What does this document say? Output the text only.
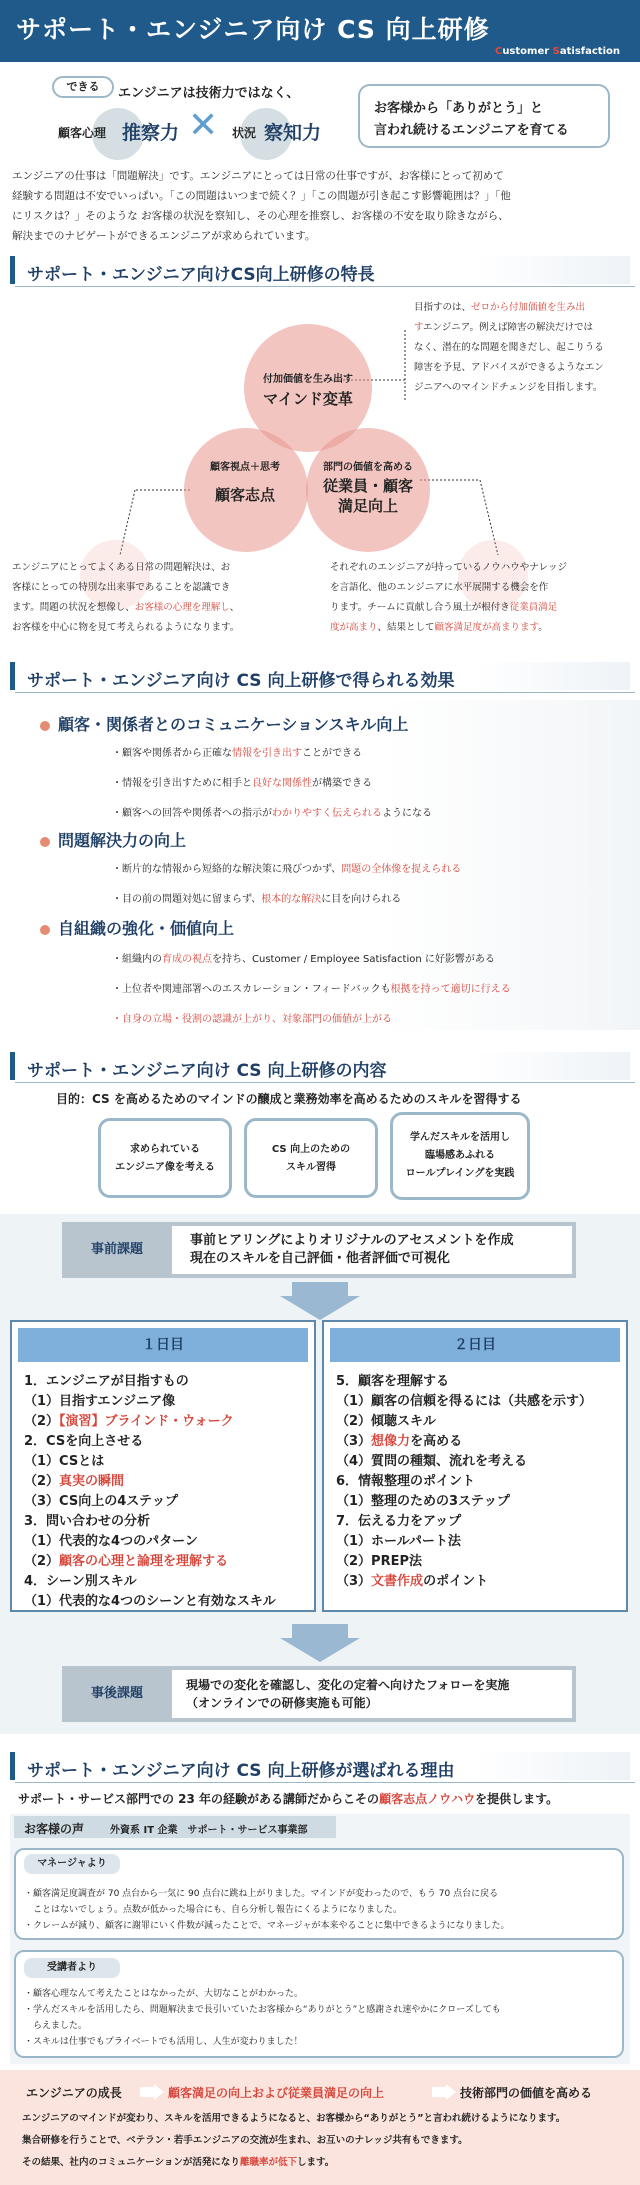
サポート・エンジニア向け CS 向上研修
Customer Satisfaction
できる	エンジニアは技術力ではなく、
顧客心理 推察力 ✕ 状況 察知力
お客様から「ありがとう」と
言われ続けるエンジニアを育てる
エンジニアの仕事は「問題解決」です。エンジニアにとっては日常の仕事ですが、お客様にとって初めて
経験する問題は不安でいっぱい。「この問題はいつまで続く？」「この問題が引き起こす影響範囲は？」「他
にリスクは？」そのような お客様の状況を察知し、その心理を推察し、お客様の不安を取り除きながら、
解決までのナビゲートができるエンジニアが求められています。
サポート・エンジニア向けCS向上研修の特長
付加価値を生み出す
マインド変革
顧客視点＋思考
顧客志点
部門の価値を高める
従業員・顧客
満足向上
目指すのは、ゼロから付加価値を生み出
すエンジニア。例えば障害の解決だけでは
なく、潜在的な問題を聞きだし、起こりうる
障害を予見、アドバイスができるようなエン
ジニアへのマインドチェンジを目指します。
エンジニアにとってよくある日常の問題解決は、お
客様にとっての特別な出来事であることを認識でき
ます。問題の状況を想像し、お客様の心理を理解し、
お客様を中心に物を見て考えられるようになります。
それぞれのエンジニアが持っているノウハウやナレッジ
を言語化、他のエンジニアに水平展開する機会を作
ります。チームに貢献し合う風土が根付き従業員満足
度が高まり、結果として顧客満足度が高まります。
サポート・エンジニア向け CS 向上研修で得られる効果
顧客・関係者とのコミュニケーションスキル向上
・顧客や関係者から正確な情報を引き出すことができる
・情報を引き出すために相手と良好な関係性が構築できる
・顧客への回答や関係者への指示がわかりやすく伝えられるようになる
問題解決力の向上
・断片的な情報から短絡的な解決策に飛びつかず、問題の全体像を捉えられる
・目の前の問題対処に留まらず、根本的な解決に目を向けられる
自組織の強化・価値向上
・組織内の育成の視点を持ち、Customer / Employee Satisfaction に好影響がある
・上位者や関連部署へのエスカレーション・フィードバックも根拠を持って適切に行える
・自身の立場・役割の認識が上がり、対象部門の価値が上がる
サポート・エンジニア向け CS 向上研修の内容
目的：CS を高めるためのマインドの醸成と業務効率を高めるためのスキルを習得する
求められている
エンジニア像を考える
CS 向上のための
スキル習得
学んだスキルを活用し
臨場感あふれる
ロールプレイングを実践
事前課題
事前ヒアリングによりオリジナルのアセスメントを作成
現在のスキルを自己評価・他者評価で可視化
１日目
1．エンジニアが目指すもの
（1）目指すエンジニア像
（2）【演習】ブラインド・ウォーク
2．CSを向上させる
（1）CSとは
（2）真実の瞬間
（3）CS向上の4ステップ
3．問い合わせの分析
（1）代表的な4つのパターン
（2）顧客の心理と論理を理解する
4．シーン別スキル
（1）代表的な4つのシーンと有効なスキル
２日目
5．顧客を理解する
（1）顧客の信頼を得るには（共感を示す）
（2）傾聴スキル
（3）想像力を高める
（4）質問の種類、流れを考える
6．情報整理のポイント
（1）整理のための3ステップ
7．伝える力をアップ
（1）ホールパート法
（2）PREP法
（3）文書作成のポイント
事後課題
現場での変化を確認し、変化の定着へ向けたフォローを実施
（オンラインでの研修実施も可能）
サポート・エンジニア向け CS 向上研修が選ばれる理由
サポート・サービス部門での 23 年の経験がある講師だからこその顧客志点ノウハウを提供します。
お客様の声	外資系 IT 企業　サポート・サービス事業部
マネージャより
・顧客満足度調査が 70 点台から一気に 90 点台に跳ね上がりました。マインドが変わったので、もう 70 点台に戻る
　ことはないでしょう。点数が低かった場合にも、自ら分析し報告にくるようになりました。
・クレームが減り、顧客に謝罪にいく件数が減ったことで、マネージャが本来やることに集中できるようになりました。
受講者より
・顧客心理なんて考えたことはなかったが、大切なことがわかった。
・学んだスキルを活用したら、問題解決まで長引いていたお客様から“ありがとう”と感謝され速やかにクローズしても
　らえました。
・スキルは仕事でもプライベートでも活用し、人生が変わりました！
エンジニアの成長	顧客満足の向上および従業員満足の向上	技術部門の価値を高める
エンジニアのマインドが変わり、スキルを活用できるようになると、お客様から“ありがとう”と言われ続けるようになります。
集合研修を行うことで、ベテラン・若手エンジニアの交流が生まれ、お互いのナレッジ共有もできます。
その結果、社内のコミュニケーションが活発になり離職率が低下します。
